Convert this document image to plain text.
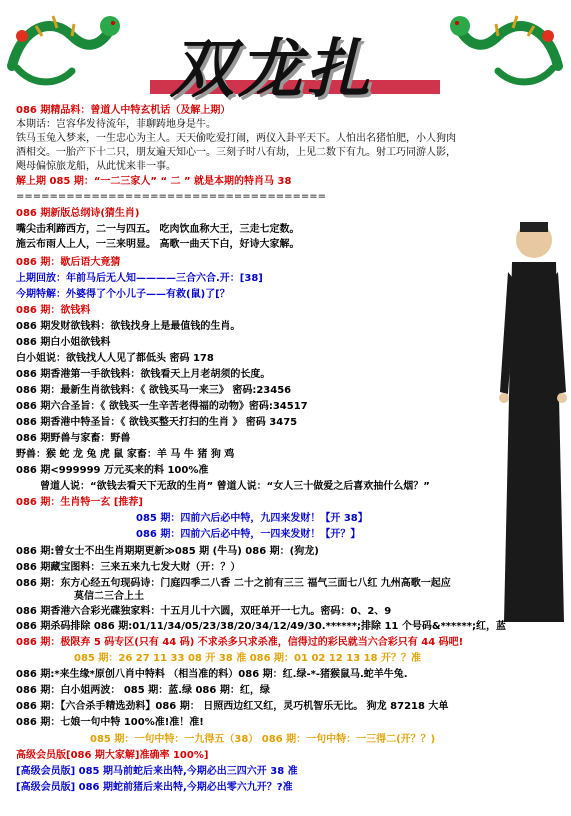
双龙扎
086 期精品料：曾道人中特玄机话（及解上期）
本期话：岂容华发待流年，菲聊踌地身是牛。
铁马玉兔入梦来，一生忠心为主人。天天偷吃爱打闹，两仪入卦平天下。人怕出名猪怕肥，小人狗肉
酒相交。一胎产下十二只，朋友遍天知心一。三刻子时八有劫，上见二数下有九。射工巧同游人影，
飓母偏惊旅龙船，从此忧来非一事。
解上期 085 期：“一二三家人” “ 二 ” 就是本期的特肖马 38
=====================================
086 期新版总纲诗(猜生肖)
嘴尖击利蹄西方，二一与四五。 吃肉饮血称大王，三走七定数。
施云布雨人上人，一三来明显。 高歌一曲天下白，好诗大家解。
086 期：歇后语大竟猜
上期回放：年前马后无人知————三合六合.开：[38]
今期特解：外婆得了个小儿子——有救(鼠)了[？
086 期：欲钱料
086 期发财欲钱料：欲钱找身上是最值钱的生肖。
086 期白小姐欲钱料
白小姐说：欲钱找人人见了都低头 密码 178
086 期香港第一手欲钱料：欲钱看天上月老胡须的长度。
086 期：最新生肖欲钱料：《 欲钱买马一来三》 密码:23456
086 期六合圣旨：《 欲钱买一生辛苦老得福的动物》密码:34517
086 期香港中特圣旨：《 欲钱买整天打扫的生肖 》 密码 3475
086 期野兽与家畜：野兽
野兽：猴 蛇 龙 兔 虎 鼠 家畜：羊 马 牛 猪 狗 鸡
086 期<999999 万元买来的料 100%准
曾道人说：“欲钱去看天下无敌的生肖” 曾道人说：“女人三十做爱之后喜欢抽什么烟？”
086 期：生肖特一玄 [推荐]
085 期：四前六后必中特，九四来发财！【开 38】
086 期：四前六后必中特，一四来发财！【开？】
086 期:曾女士不出生肖期期更新≫085 期 (牛马) 086 期：(狗龙)
086 期藏宝图料：三来五来九七发大财（开：？）
086 期：东方心经五句现码诗：门庭四季二八香 二十之前有三三 福气三面七八红 九州高歌一起应
莫信二三合上土
086 期香港六合彩光碟独家料：十五月儿十六圆，双旺单开一七九。密码：0、2、9
086 期杀码排除 086 期:01/11/34/05/23/38/20/34/12/49/30.******;排除 11 个号码&******;红，蓝
086 期：极限弃 5 码专区(只有 44 码) 不求杀多只求杀准，信得过的彩民就当六合彩只有 44 码吧!
085 期：26 27 11 33 08 开 38 准 086 期：01 02 12 13 18 开？？准
086 期:*来生缘*原创八肖中特料 （相当准的料）086 期：红.绿-*-猪猴鼠马.蛇羊牛兔.
086 期：白小姐两波： 085 期：蓝.绿 086 期：红，绿
086 期：【六合杀手精选劲料】086 期： 日照西边红又红，灵巧机智乐无比。 狗龙 87218 大单
086 期：七娘一句中特 100%准!准！准!
085 期：一句中特：一九得五（38） 086 期：一句中特：一三得二(开？？)
高级会员版[086 期大家解]准确率 100%]
[高级会员版] 085 期马前蛇后来出特,今期必出三四六开 38 准
[高级会员版] 086 期蛇前猪后来出特,今期必出零六九开？?准
